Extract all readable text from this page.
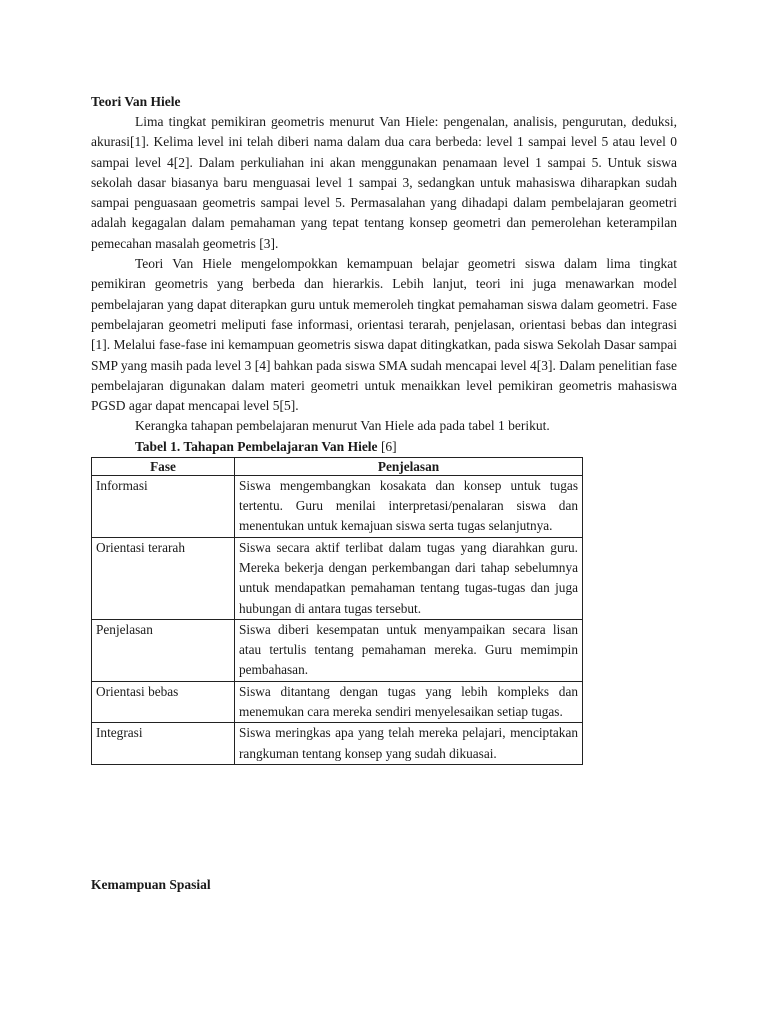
Teori Van Hiele

Lima tingkat pemikiran geometris menurut Van Hiele: pengenalan, analisis, pengurutan, deduksi, akurasi[1]. Kelima level ini telah diberi nama dalam dua cara berbeda: level 1 sampai level 5 atau level 0 sampai level 4[2]. Dalam perkuliahan ini akan menggunakan penamaan level 1 sampai 5. Untuk siswa sekolah dasar biasanya baru menguasai level 1 sampai 3, sedangkan untuk mahasiswa diharapkan sudah sampai penguasaan geometris sampai level 5. Permasalahan yang dihadapi dalam pembelajaran geometri adalah kegagalan dalam pemahaman yang tepat tentang konsep geometri dan pemerolehan keterampilan pemecahan masalah geometris [3].

Teori Van Hiele mengelompokkan kemampuan belajar geometri siswa dalam lima tingkat pemikiran geometris yang berbeda dan hierarkis. Lebih lanjut, teori ini juga menawarkan model pembelajaran yang dapat diterapkan guru untuk memeroleh tingkat pemahaman siswa dalam geometri. Fase pembelajaran geometri meliputi fase informasi, orientasi terarah, penjelasan, orientasi bebas dan integrasi [1]. Melalui fase-fase ini kemampuan geometris siswa dapat ditingkatkan, pada siswa Sekolah Dasar sampai SMP yang masih pada level 3 [4] bahkan pada siswa SMA sudah mencapai level 4[3]. Dalam penelitian fase pembelajaran digunakan dalam materi geometri untuk menaikkan level pemikiran geometris mahasiswa PGSD agar dapat mencapai level 5[5].

Kerangka tahapan pembelajaran menurut Van Hiele ada pada tabel 1 berikut.

Tabel 1. Tahapan Pembelajaran Van Hiele [6]

Fase	Penjelasan
Informasi	Siswa mengembangkan kosakata dan konsep untuk tugas tertentu. Guru menilai interpretasi/penalaran siswa dan menentukan untuk kemajuan siswa serta tugas selanjutnya.
Orientasi terarah	Siswa secara aktif terlibat dalam tugas yang diarahkan guru. Mereka bekerja dengan perkembangan dari tahap sebelumnya untuk mendapatkan pemahaman tentang tugas-tugas dan juga hubungan di antara tugas tersebut.
Penjelasan	Siswa diberi kesempatan untuk menyampaikan secara lisan atau tertulis tentang pemahaman mereka. Guru memimpin pembahasan.
Orientasi bebas	Siswa ditantang dengan tugas yang lebih kompleks dan menemukan cara mereka sendiri menyelesaikan setiap tugas.
Integrasi	Siswa meringkas apa yang telah mereka pelajari, menciptakan rangkuman tentang konsep yang sudah dikuasai.

Kemampuan Spasial
